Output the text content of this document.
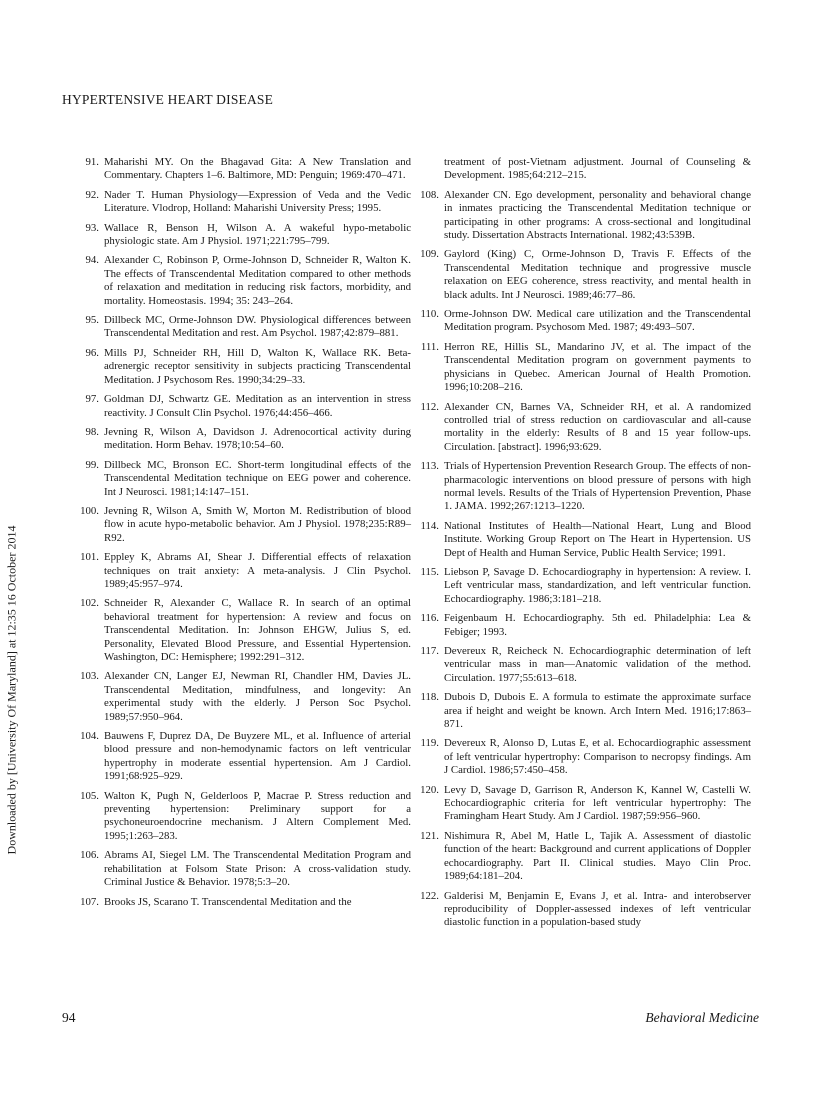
HYPERTENSIVE HEART DISEASE
Downloaded by [University Of Maryland] at 12:35 16 October 2014
91. Maharishi MY. On the Bhagavad Gita: A New Translation and Commentary. Chapters 1–6. Baltimore, MD: Penguin; 1969:470–471.
92. Nader T. Human Physiology—Expression of Veda and the Vedic Literature. Vlodrop, Holland: Maharishi University Press; 1995.
93. Wallace R, Benson H, Wilson A. A wakeful hypo-metabolic physiologic state. Am J Physiol. 1971;221:795–799.
94. Alexander C, Robinson P, Orme-Johnson D, Schneider R, Walton K. The effects of Transcendental Meditation compared to other methods of relaxation and meditation in reducing risk factors, morbidity, and mortality. Homeostasis. 1994; 35: 243–264.
95. Dillbeck MC, Orme-Johnson DW. Physiological differences between Transcendental Meditation and rest. Am Psychol. 1987;42:879–881.
96. Mills PJ, Schneider RH, Hill D, Walton K, Wallace RK. Beta-adrenergic receptor sensitivity in subjects practicing Transcendental Meditation. J Psychosom Res. 1990;34:29–33.
97. Goldman DJ, Schwartz GE. Meditation as an intervention in stress reactivity. J Consult Clin Psychol. 1976;44:456–466.
98. Jevning R, Wilson A, Davidson J. Adrenocortical activity during meditation. Horm Behav. 1978;10:54–60.
99. Dillbeck MC, Bronson EC. Short-term longitudinal effects of the Transcendental Meditation technique on EEG power and coherence. Int J Neurosci. 1981;14:147–151.
100. Jevning R, Wilson A, Smith W, Morton M. Redistribution of blood flow in acute hypo-metabolic behavior. Am J Physiol. 1978;235:R89–R92.
101. Eppley K, Abrams AI, Shear J. Differential effects of relaxation techniques on trait anxiety: A meta-analysis. J Clin Psychol. 1989;45:957–974.
102. Schneider R, Alexander C, Wallace R. In search of an optimal behavioral treatment for hypertension: A review and focus on Transcendental Meditation. In: Johnson EHGW, Julius S, ed. Personality, Elevated Blood Pressure, and Essential Hypertension. Washington, DC: Hemisphere; 1992:291–312.
103. Alexander CN, Langer EJ, Newman RI, Chandler HM, Davies JL. Transcendental Meditation, mindfulness, and longevity: An experimental study with the elderly. J Person Soc Psychol. 1989;57:950–964.
104. Bauwens F, Duprez DA, De Buyzere ML, et al. Influence of arterial blood pressure and non-hemodynamic factors on left ventricular hypertrophy in moderate essential hypertension. Am J Cardiol. 1991;68:925–929.
105. Walton K, Pugh N, Gelderloos P, Macrae P. Stress reduction and preventing hypertension: Preliminary support for a psychoneuroendocrine mechanism. J Altern Complement Med. 1995;1:263–283.
106. Abrams AI, Siegel LM. The Transcendental Meditation Program and rehabilitation at Folsom State Prison: A cross-validation study. Criminal Justice & Behavior. 1978;5:3–20.
107. Brooks JS, Scarano T. Transcendental Meditation and the
treatment of post-Vietnam adjustment. Journal of Counseling & Development. 1985;64:212–215.
108. Alexander CN. Ego development, personality and behavioral change in inmates practicing the Transcendental Meditation technique or participating in other programs: A cross-sectional and longitudinal study. Dissertation Abstracts International. 1982;43:539B.
109. Gaylord (King) C, Orme-Johnson D, Travis F. Effects of the Transcendental Meditation technique and progressive muscle relaxation on EEG coherence, stress reactivity, and mental health in black adults. Int J Neurosci. 1989;46:77–86.
110. Orme-Johnson DW. Medical care utilization and the Transcendental Meditation program. Psychosom Med. 1987; 49:493–507.
111. Herron RE, Hillis SL, Mandarino JV, et al. The impact of the Transcendental Meditation program on government payments to physicians in Quebec. American Journal of Health Promotion. 1996;10:208–216.
112. Alexander CN, Barnes VA, Schneider RH, et al. A randomized controlled trial of stress reduction on cardiovascular and all-cause mortality in the elderly: Results of 8 and 15 year follow-ups. Circulation. [abstract]. 1996;93:629.
113. Trials of Hypertension Prevention Research Group. The effects of non-pharmacologic interventions on blood pressure of persons with high normal levels. Results of the Trials of Hypertension Prevention, Phase 1. JAMA. 1992;267:1213–1220.
114. National Institutes of Health—National Heart, Lung and Blood Institute. Working Group Report on The Heart in Hypertension. US Dept of Health and Human Service, Public Health Service; 1991.
115. Liebson P, Savage D. Echocardiography in hypertension: A review. I. Left ventricular mass, standardization, and left ventricular function. Echocardiography. 1986;3:181–218.
116. Feigenbaum H. Echocardiography. 5th ed. Philadelphia: Lea & Febiger; 1993.
117. Devereux R, Reicheck N. Echocardiographic determination of left ventricular mass in man—Anatomic validation of the method. Circulation. 1977;55:613–618.
118. Dubois D, Dubois E. A formula to estimate the approximate surface area if height and weight be known. Arch Intern Med. 1916;17:863–871.
119. Devereux R, Alonso D, Lutas E, et al. Echocardiographic assessment of left ventricular hypertrophy: Comparison to necropsy findings. Am J Cardiol. 1986;57:450–458.
120. Levy D, Savage D, Garrison R, Anderson K, Kannel W, Castelli W. Echocardiographic criteria for left ventricular hypertrophy: The Framingham Heart Study. Am J Cardiol. 1987;59:956–960.
121. Nishimura R, Abel M, Hatle L, Tajik A. Assessment of diastolic function of the heart: Background and current applications of Doppler echocardiography. Part II. Clinical studies. Mayo Clin Proc. 1989;64:181–204.
122. Galderisi M, Benjamin E, Evans J, et al. Intra- and interobserver reproducibility of Doppler-assessed indexes of left ventricular diastolic function in a population-based study
94	Behavioral Medicine
